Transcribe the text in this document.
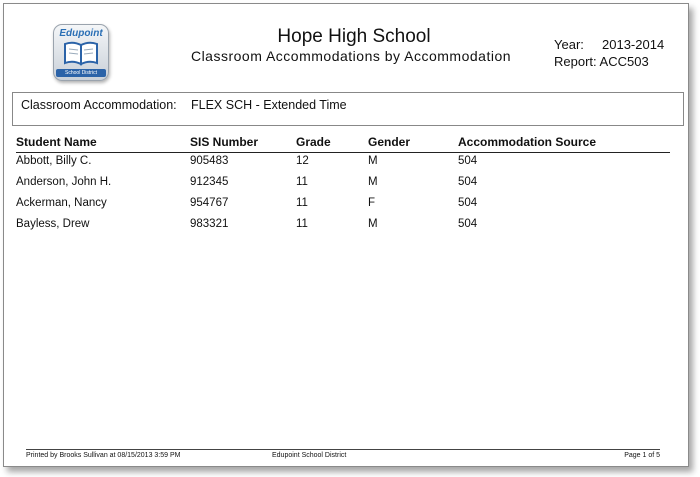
Edupoint
School District
Hope High School
Classroom Accommodations by Accommodation
Year: 2013-2014
Report: ACC503
Classroom Accommodation: FLEX SCH - Extended Time
Student Name	SIS Number	Grade	Gender	Accommodation Source
Abbott, Billy C.	905483	12	M	504
Anderson, John H.	912345	11	M	504
Ackerman, Nancy	954767	11	F	504
Bayless, Drew	983321	11	M	504
Printed by Brooks Sullivan at 08/15/2013 3:59 PM	Edupoint School District	Page 1 of 5
